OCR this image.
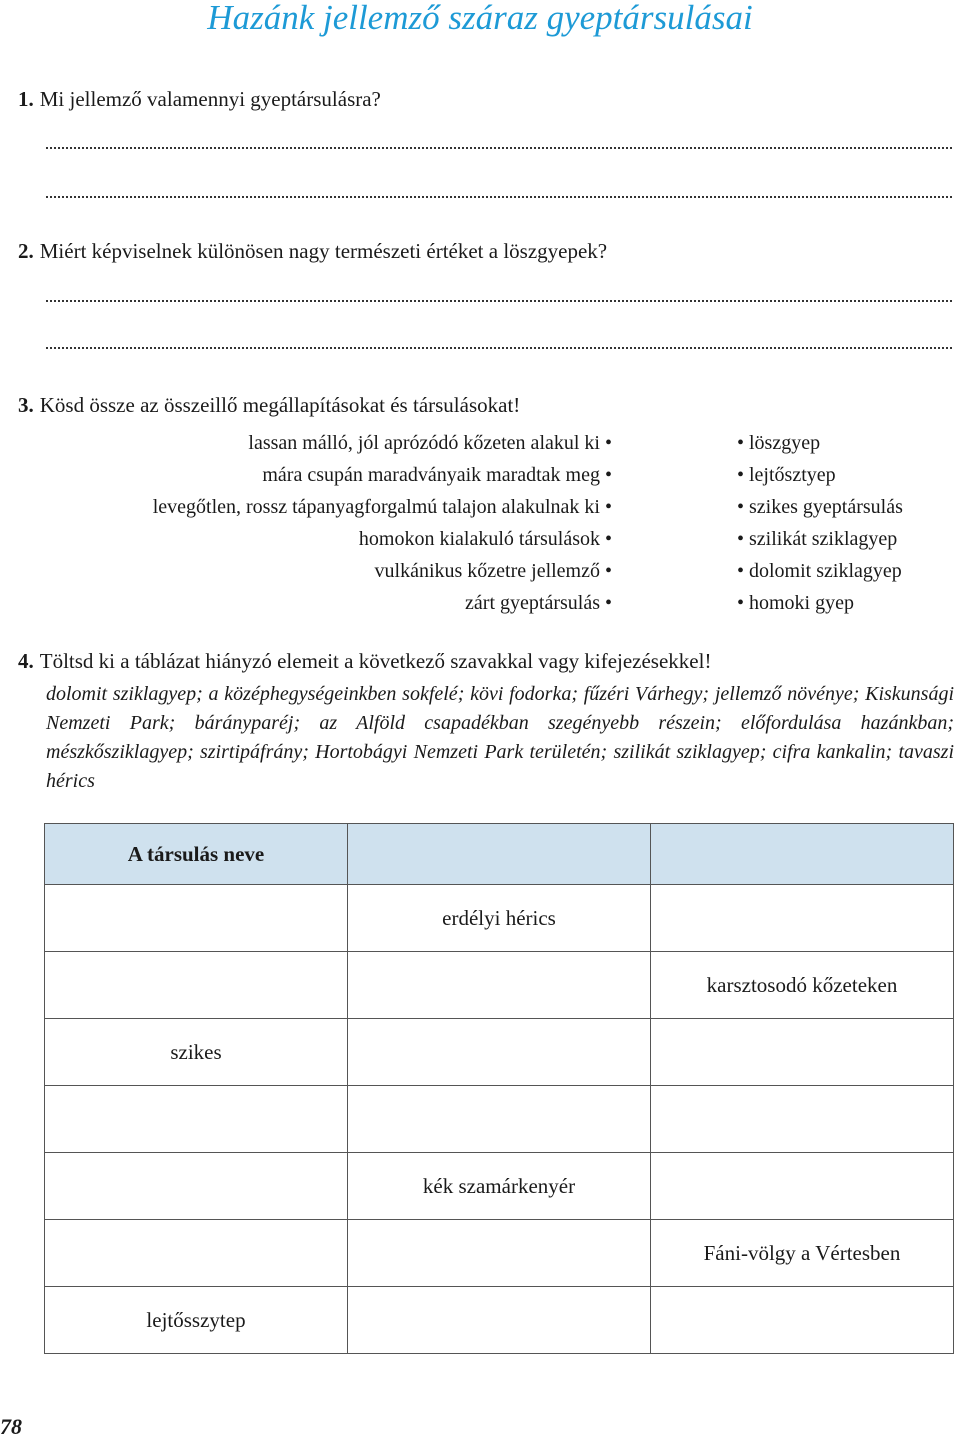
Hazánk jellemző száraz gyeptársulásai

1. Mi jellemző valamennyi gyeptársulásra?

2. Miért képviselnek különösen nagy természeti értéket a löszgyepek?

3. Kösd össze az összeillő megállapításokat és társulásokat!

lassan málló, jól aprózódó kőzeten alakul ki •
mára csupán maradványaik maradtak meg •
levegőtlen, rossz tápanyagforgalmú talajon alakulnak ki •
homokon kialakuló társulások •
vulkánikus kőzetre jellemző •
zárt gyeptársulás •
• löszgyep
• lejtősztyep
• szikes gyeptársulás
• szilikát sziklagyep
• dolomit sziklagyep
• homoki gyep

4. Töltsd ki a táblázat hiányzó elemeit a következő szavakkal vagy kifejezésekkel!

dolomit sziklagyep; a középhegységeinkben sokfelé; kövi fodorka; fűzéri Várhegy; jellemző növénye; Kiskunsági Nemzeti Park; bárányparéj; az Alföld csapadékban szegényebb részein; előfordulása hazánkban; mészkősziklagyep; szirtipáfrány; Hortobágyi Nemzeti Park területén; szilikát sziklagyep; cifra kankalin; tavaszi hérics

A társulás neve		
	erdélyi hérics	
		karsztosodó kőzeteken
szikes		

	kék szamárkenyér	
		Fáni-völgy a Vértesben
lejtősszytep		
78
